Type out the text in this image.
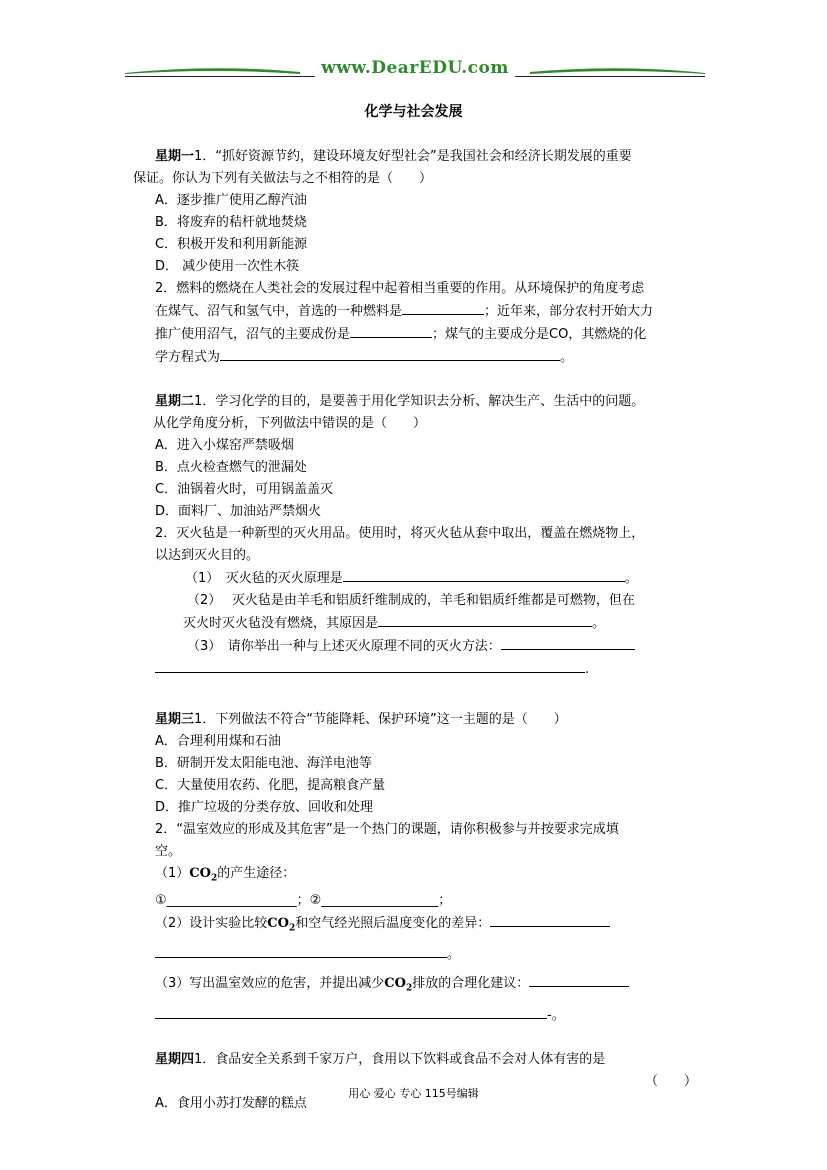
www.DearEDU.com
化学与社会发展

星期一1．“抓好资源节约，建设环境友好型社会”是我国社会和经济长期发展的重要

保证。你认为下列有关做法与之不相符的是（　　）

A．逐步推广使用乙醇汽油

B．将废弃的秸杆就地焚烧

C．积极开发和利用新能源

D． 减少使用一次性木筷

2．燃料的燃烧在人类社会的发展过程中起着相当重要的作用。从环境保护的角度考虑

在煤气、沼气和氢气中，首选的一种燃料是	；近年来，部分农村开始大力

推广使用沼气，沼气的主要成份是	；煤气的主要成分是CO，其燃烧的化

学方程式为	。

星期二1．学习化学的目的，是要善于用化学知识去分析、解决生产、生活中的问题。

从化学角度分析，下列做法中错误的是（　　）

A．进入小煤窑严禁吸烟

B．点火检查燃气的泄漏处

C．油锅着火时，可用锅盖盖灭

D．面料厂、加油站严禁烟火

2．灭火毡是一种新型的灭火用品。使用时，将灭火毡从套中取出，覆盖在燃烧物上，

以达到灭火目的。

（1）　灭火毡的灭火原理是	。

（2）　 灭火毡是由羊毛和铝质纤维制成的，羊毛和铝质纤维都是可燃物，但在

灭火时灭火毡没有燃烧，其原因是	。

（3）　请你举出一种与上述灭火原理不同的灭火方法：

.

星期三1．下列做法不符合“节能降耗、保护环境”这一主题的是（　　）

A．合理利用煤和石油

B．研制开发太阳能电池、海洋电池等

C．大量使用农药、化肥，提高粮食产量

D．推广垃圾的分类存放、回收和处理

2．“温室效应的形成及其危害”是一个热门的课题，请你积极参与并按要求完成填

空。

$(1)CO_2$的产生途径：

①____________________；②__________________；

（2）设计实验比较$CO_2$和空气经光照后温度变化的差异：

。

（3）写出温室效应的危害，并提出减少$CO_2$排放的合理化建议：

-。

星期四1．食品安全关系到千家万户，食用以下饮料或食品不会对人体有害的是

（　　）

A．食用小苏打发酵的糕点

用心 爱心 专心 115号编辑
